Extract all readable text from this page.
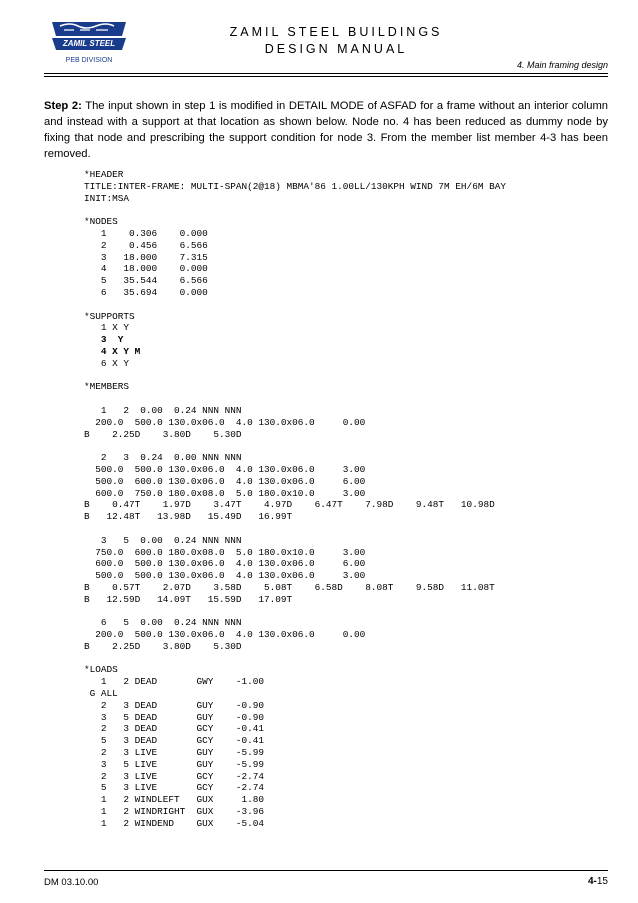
ZAMIL STEEL
PEB DIVISION
ZAMIL STEEL BUILDINGS
DESIGN MANUAL
4. Main framing design
Step 2: The input shown in step 1 is modified in DETAIL MODE of ASFAD for a frame without an interior column and instead with a support at that location as shown below. Node no. 4 has been reduced as dummy node by fixing that node and prescribing the support condition for node 3. From the member list member 4-3 has been removed.
*HEADER
TITLE:INTER-FRAME: MULTI-SPAN(2@18) MBMA'86 1.00LL/130KPH WIND 7M EH/6M BAY
INIT:MSA
*NODES
1    0.306    0.000
2    0.456    6.566
3   18.000    7.315
4   18.000    0.000
5   35.544    6.566
6   35.694    0.000
*SUPPORTS
1 X Y
3  Y
4 X Y M
6 X Y
*MEMBERS
1   2  0.00  0.24 NNN NNN
200.0  500.0 130.0x06.0  4.0 130.0x06.0     0.00
B    2.25D    3.80D    5.30D
2   3  0.24  0.00 NNN NNN
500.0  500.0 130.0x06.0  4.0 130.0x06.0     3.00
500.0  600.0 130.0x06.0  4.0 130.0x06.0     6.00
600.0  750.0 180.0x08.0  5.0 180.0x10.0     3.00
B    0.47T    1.97D    3.47T    4.97D    6.47T    7.98D    9.48T   10.98D
B   12.48T   13.98D   15.49D   16.99T
3   5  0.00  0.24 NNN NNN
750.0  600.0 180.0x08.0  5.0 180.0x10.0     3.00
600.0  500.0 130.0x06.0  4.0 130.0x06.0     6.00
500.0  500.0 130.0x06.0  4.0 130.0x06.0     3.00
B    0.57T    2.07D    3.58D    5.08T    6.58D    8.08T    9.58D   11.08T
B   12.59D   14.09T   15.59D   17.09T
6   5  0.00  0.24 NNN NNN
200.0  500.0 130.0x06.0  4.0 130.0x06.0     0.00
B    2.25D    3.80D    5.30D
*LOADS
1   2 DEAD       GWY    -1.00
G ALL
2   3 DEAD       GUY    -0.90
3   5 DEAD       GUY    -0.90
2   3 DEAD       GCY    -0.41
5   3 DEAD       GCY    -0.41
2   3 LIVE       GUY    -5.99
3   5 LIVE       GUY    -5.99
2   3 LIVE       GCY    -2.74
5   3 LIVE       GCY    -2.74
1   2 WINDLEFT   GUX     1.80
1   2 WINDRIGHT  GUX    -3.96
1   2 WINDEND    GUX    -5.04
DM 03.10.00	4-15
